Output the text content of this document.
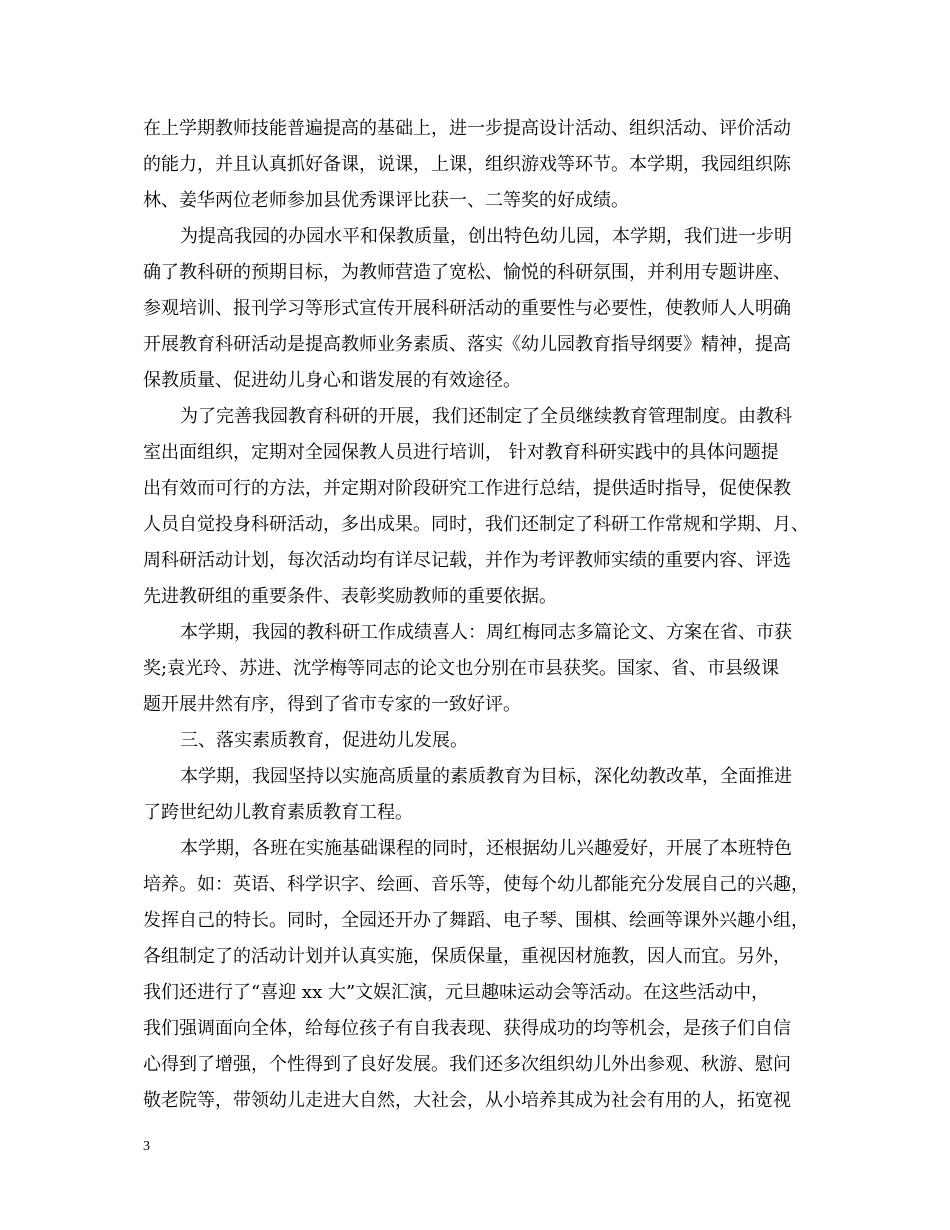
在上学期教师技能普遍提高的基础上，进一步提高设计活动、组织活动、评价活动
的能力，并且认真抓好备课，说课，上课，组织游戏等环节。本学期，我园组织陈
林、姜华两位老师参加县优秀课评比获一、二等奖的好成绩。
为提高我园的办园水平和保教质量，创出特色幼儿园，本学期，我们进一步明
确了教科研的预期目标，为教师营造了宽松、愉悦的科研氛围，并利用专题讲座、
参观培训、报刊学习等形式宣传开展科研活动的重要性与必要性，使教师人人明确
开展教育科研活动是提高教师业务素质、落实《幼儿园教育指导纲要》精神，提高
保教质量、促进幼儿身心和谐发展的有效途径。
为了完善我园教育科研的开展，我们还制定了全员继续教育管理制度。由教科
室出面组织，定期对全园保教人员进行培训， 针对教育科研实践中的具体问题提
出有效而可行的方法，并定期对阶段研究工作进行总结，提供适时指导，促使保教
人员自觉投身科研活动，多出成果。同时，我们还制定了科研工作常规和学期、月、
周科研活动计划，每次活动均有详尽记载，并作为考评教师实绩的重要内容、评选
先进教研组的重要条件、表彰奖励教师的重要依据。
本学期，我园的教科研工作成绩喜人：周红梅同志多篇论文、方案在省、市获
奖;袁光玲、苏进、沈学梅等同志的论文也分别在市县获奖。国家、省、市县级课
题开展井然有序，得到了省市专家的一致好评。
三、落实素质教育，促进幼儿发展。
本学期，我园坚持以实施高质量的素质教育为目标，深化幼教改革，全面推进
了跨世纪幼儿教育素质教育工程。
本学期，各班在实施基础课程的同时，还根据幼儿兴趣爱好，开展了本班特色
培养。如：英语、科学识字、绘画、音乐等，使每个幼儿都能充分发展自己的兴趣，
发挥自己的特长。同时，全园还开办了舞蹈、电子琴、围棋、绘画等课外兴趣小组，
各组制定了的活动计划并认真实施，保质保量，重视因材施教，因人而宜。另外，
我们还进行了“喜迎 xx 大”文娱汇演，元旦趣味运动会等活动。在这些活动中，
我们强调面向全体，给每位孩子有自我表现、获得成功的均等机会，是孩子们自信
心得到了增强，个性得到了良好发展。我们还多次组织幼儿外出参观、秋游、慰问
敬老院等，带领幼儿走进大自然，大社会，从小培养其成为社会有用的人，拓宽视
3
